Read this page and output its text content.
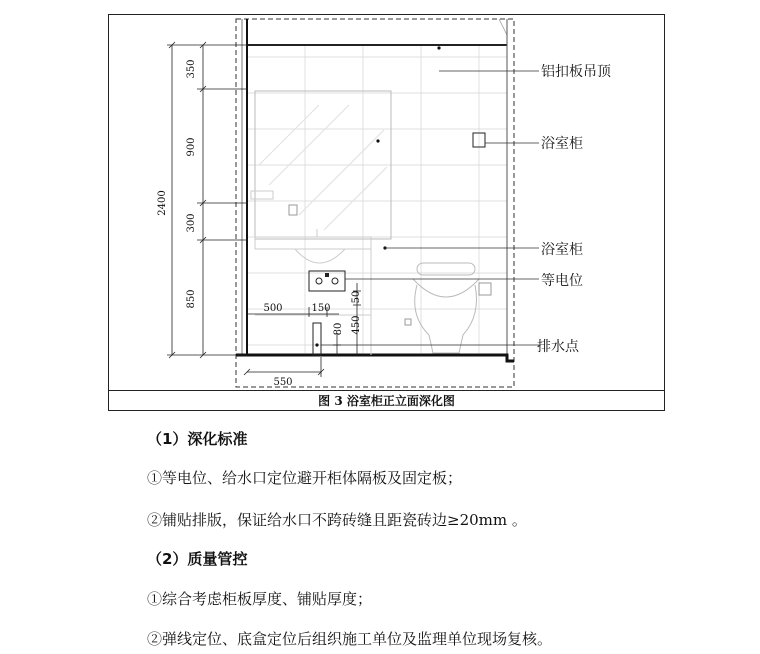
350
900
300
850
2400
500	150
50
80 450
550
铝扣板吊顶
浴室柜
浴室柜
等电位
排水点
图 3 浴室柜正立面深化图
（1）深化标准
①等电位、给水口定位避开柜体隔板及固定板；
②铺贴排版，保证给水口不跨砖缝且距瓷砖边≥20mm 。
（2）质量管控
①综合考虑柜板厚度、铺贴厚度；
②弹线定位、底盒定位后组织施工单位及监理单位现场复核。
